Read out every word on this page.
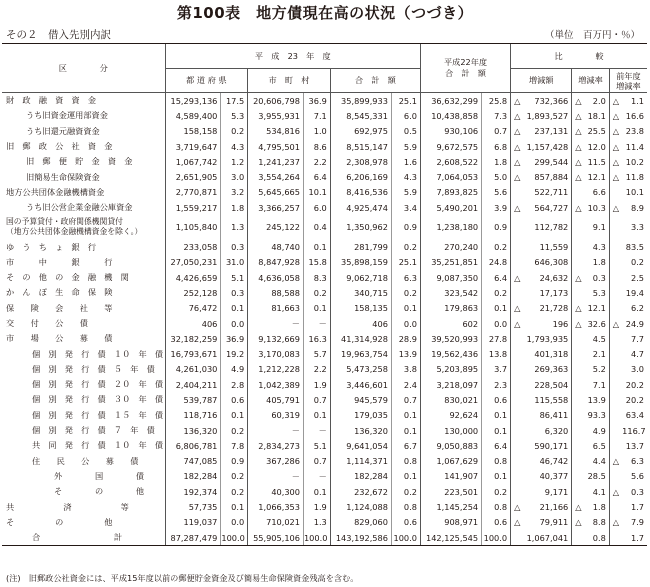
第100表　地方債現在高の状況（つづき）
その２　借入先別内訳	（単位　百万円・％）
区　　　　分	平　成　23　年　度						平成22年度
合　計　額		比　　　　較					
	都 道 府 県		市　町　村		合　計　額				増減額		増減率		前年度
増減率	

財　政　融　資　資　金	15,293,136	17.5	20,606,798	36.9	35,899,933	25.1	36,632,299	25.8	△	732,366	△	2.0	△	1.1
うち旧資金運用部資金	4,589,400	5.3	3,955,931	7.1	8,545,331	6.0	10,438,858	7.3	△	1,893,527	△	18.1	△	16.6
うち旧還元融資資金	158,158	0.2	534,816	1.0	692,975	0.5	930,106	0.7	△	237,131	△	25.5	△	23.8
旧　郵　政　公　社　資　金	3,719,647	4.3	4,795,501	8.6	8,515,147	5.9	9,672,575	6.8	△	1,157,428	△	12.0	△	11.4
旧　郵　便　貯　金　資　金	1,067,742	1.2	1,241,237	2.2	2,308,978	1.6	2,608,522	1.8	△	299,544	△	11.5	△	10.2
旧簡易生命保険資金	2,651,905	3.0	3,554,264	6.4	6,206,169	4.3	7,064,053	5.0	△	857,884	△	12.1	△	11.8
地方公共団体金融機構資金	2,770,871	3.2	5,645,665	10.1	8,416,536	5.9	7,893,825	5.6		522,711		6.6		10.1
うち旧公営企業金融公庫資金	1,559,217	1.8	3,366,257	6.0	4,925,474	3.4	5,490,201	3.9	△	564,727	△	10.3	△	8.9

国の予算貸付・政府関係機関貸付
（地方公共団体金融機構資金を除く。）	1,105,840	1.3	245,122	0.4	1,350,962	0.9	1,238,180	0.9		112,782		9.1		3.3
ゆ　う　ち　ょ　銀　行	233,058	0.3	48,740	0.1	281,799	0.2	270,240	0.2		11,559		4.3		83.5
市　　　中　　　銀　　　行	27,050,231	31.0	8,847,928	15.8	35,898,159	25.1	35,251,851	24.8		646,308		1.8		0.2
そ　の　他　の　金　融　機　関	4,426,659	5.1	4,636,058	8.3	9,062,718	6.3	9,087,350	6.4	△	24,632	△	0.3		2.5
か　ん　ぽ　生　命　保　険	252,128	0.3	88,588	0.2	340,715	0.2	323,542	0.2		17,173		5.3		19.4
保　　険　　会　　社　　等	76,472	0.1	81,663	0.1	158,135	0.1	179,863	0.1	△	21,728	△	12.1		6.2
交　　付　　公　　債	406	0.0	－	－	406	0.0	602	0.0	△	196	△	32.6	△	24.9
市　　場　　公　　募　　債	32,182,259	36.9	9,132,669	16.3	41,314,928	28.9	39,520,993	27.8		1,793,935		4.5		7.7
個　別　発　行　債　１０　年　債	16,793,671	19.2	3,170,083	5.7	19,963,754	13.9	19,562,436	13.8		401,318		2.1		4.7
個　別　発　行　債　５　年　債	4,261,030	4.9	1,212,228	2.2	5,473,258	3.8	5,203,895	3.7		269,363		5.2		3.0
個　別　発　行　債　２０　年　債	2,404,211	2.8	1,042,389	1.9	3,446,601	2.4	3,218,097	2.3		228,504		7.1		20.2
個　別　発　行　債　３０　年　債	539,787	0.6	405,791	0.7	945,579	0.7	830,021	0.6		115,558		13.9		20.2
個　別　発　行　債　１５　年　債	118,716	0.1	60,319	0.1	179,035	0.1	92,624	0.1		86,411		93.3		63.4
個　別　発　行　債　７　年　債	136,320	0.2	－	－	136,320	0.1	130,000	0.1		6,320		4.9		116.7
共　同　発　行　債　１０　年　債	6,806,781	7.8	2,834,273	5.1	9,641,054	6.7	9,050,883	6.4		590,171		6.5		13.7
住　　民　　公　　募　　債	747,085	0.9	367,286	0.7	1,114,371	0.8	1,067,629	0.8		46,742		4.4	△	6.3
外　　　　国　　　　債	182,284	0.2	－	－	182,284	0.1	141,907	0.1		40,377		28.5		5.6
そ　　　　の　　　　他	192,374	0.2	40,300	0.1	232,672	0.2	223,501	0.2		9,171		4.1	△	0.3
共　　　　　　済　　　　　　等	57,735	0.1	1,066,353	1.9	1,124,088	0.8	1,145,254	0.8	△	21,166	△	1.8		1.7
そ　　　　　の　　　　　他	119,037	0.0	710,021	1.3	829,060	0.6	908,971	0.6	△	79,911	△	8.8	△	7.9
合　　　　　　　　　計	87,287,479	100.0	55,905,106	100.0	143,192,586	100.0	142,125,545	100.0		1,067,041		0.8		1.7
(注)　旧郵政公社資金には、平成15年度以前の郵便貯金資金及び簡易生命保険資金残高を含む。
